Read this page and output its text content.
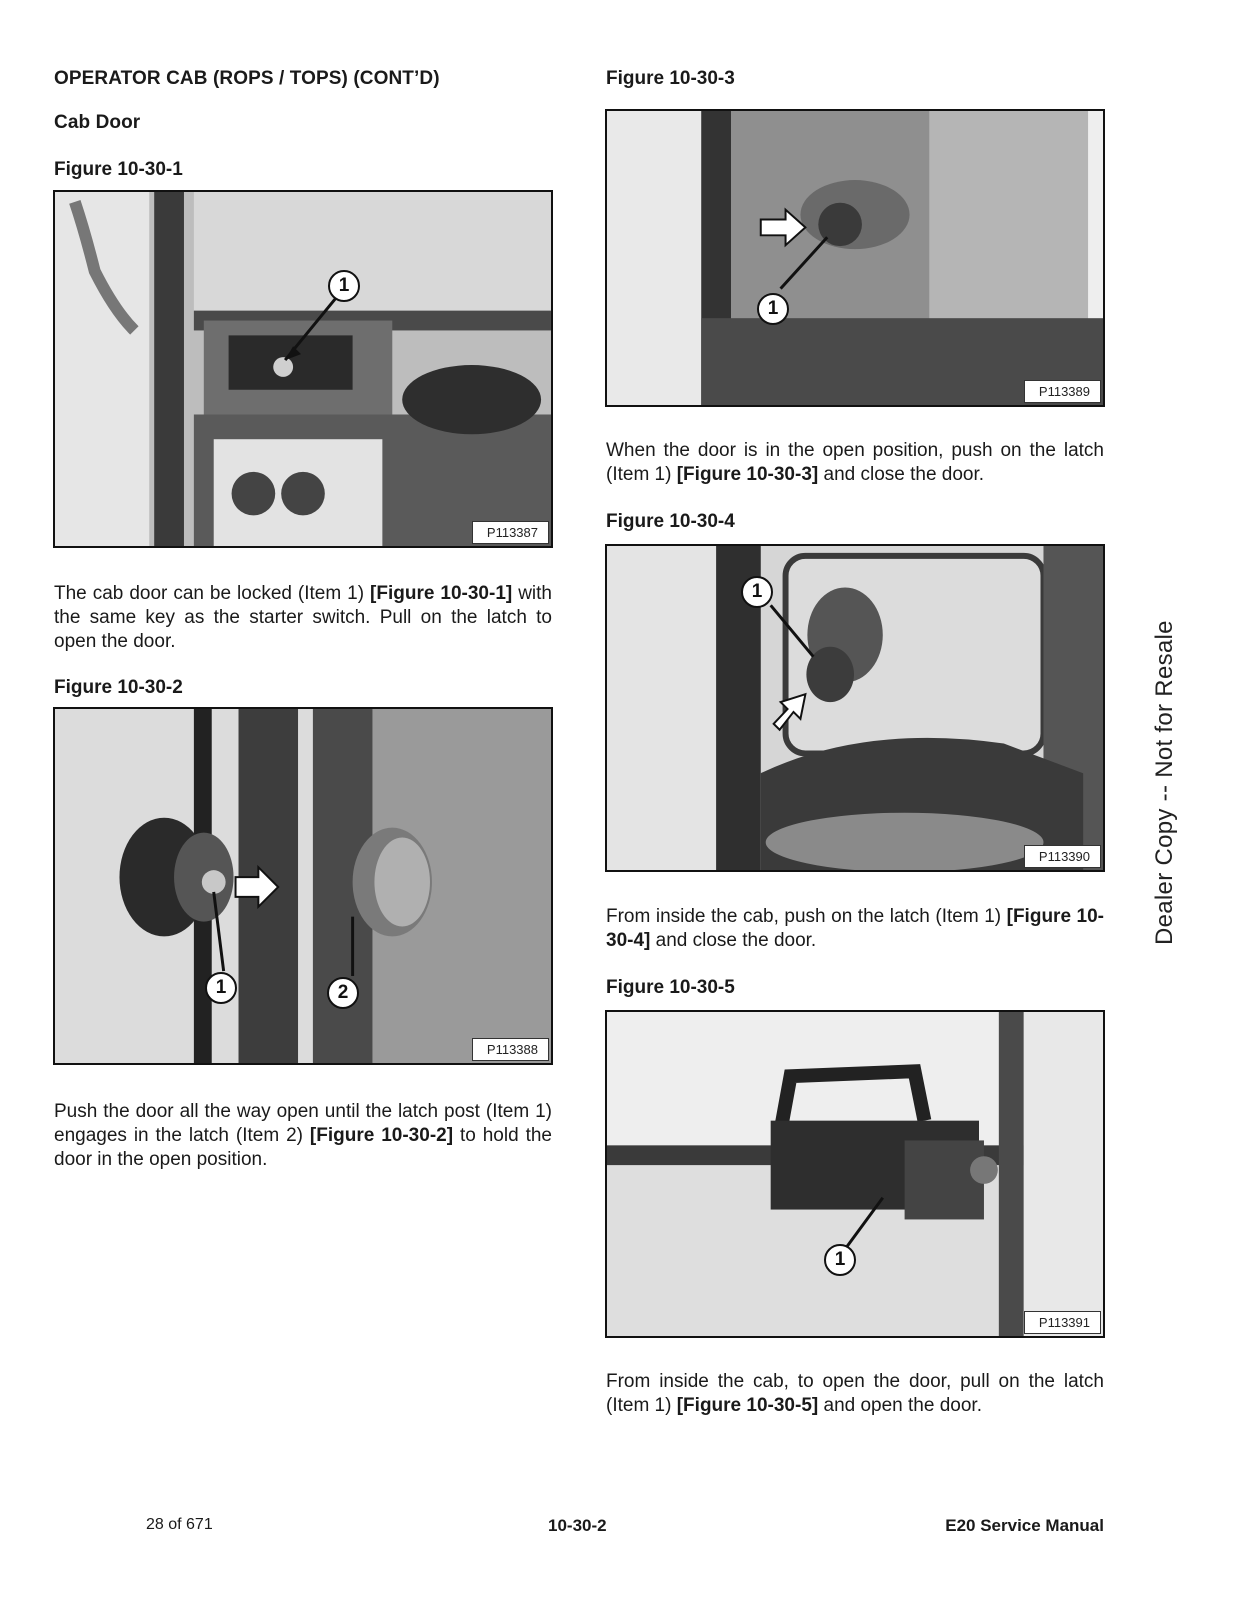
OPERATOR CAB (ROPS / TOPS) (CONT’D)
Cab Door
Figure 10-30-1
1
P113387
The cab door can be locked (Item 1) [Figure 10-30-1] with the same key as the starter switch. Pull on the latch to open the door.
Figure 10-30-2
1	2
P113388
Push the door all the way open until the latch post (Item 1) engages in the latch (Item 2) [Figure 10-30-2] to hold the door in the open position.
Figure 10-30-3
1
P113389
When the door is in the open position, push on the latch (Item 1) [Figure 10-30-3] and close the door.
Figure 10-30-4
1
P113390
From inside the cab, push on the latch (Item 1) [Figure 10-30-4] and close the door.
Figure 10-30-5
1
P113391
From inside the cab, to open the door, pull on the latch (Item 1) [Figure 10-30-5] and open the door.
Dealer Copy -- Not for Resale
28 of 671	10-30-2	E20 Service Manual
